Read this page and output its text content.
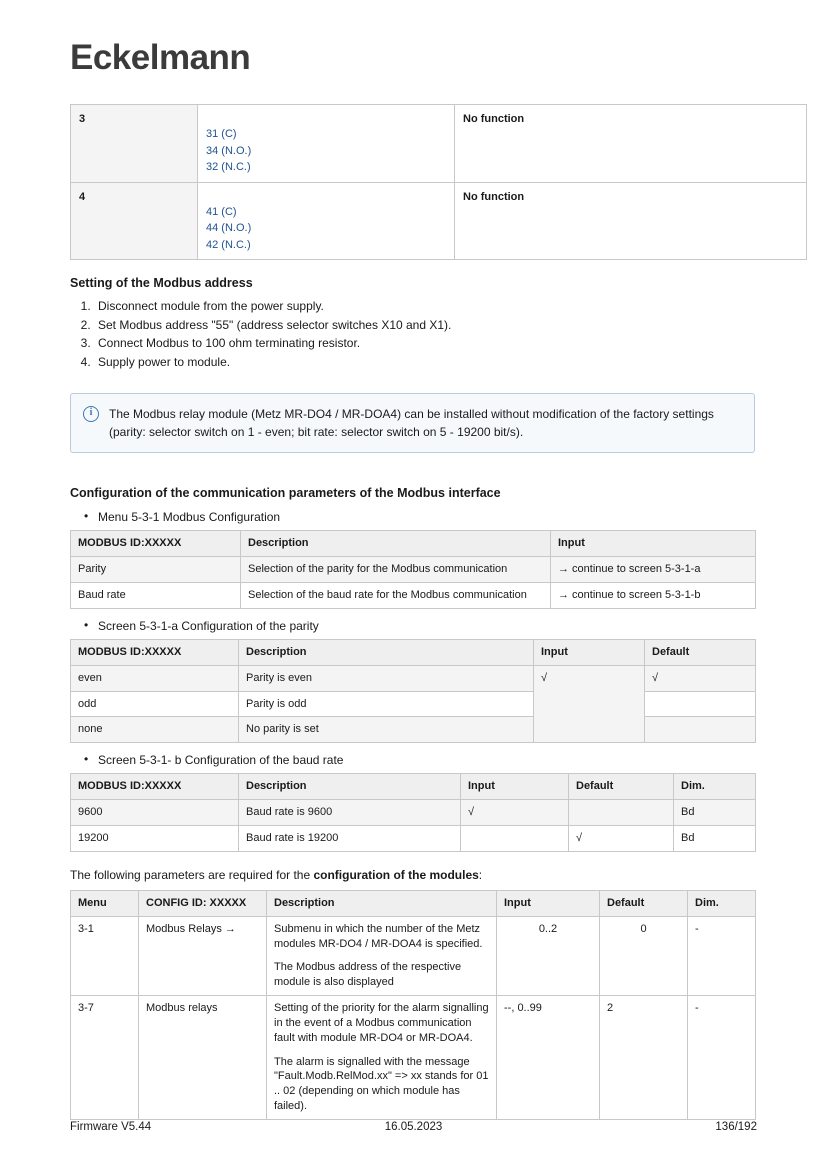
Eckelmann
3	31 (C)
34 (N.O.)
32 (N.C.)	No function

4	41 (C)
44 (N.O.)
42 (N.C.)	No function
Setting of the Modbus address
1. Disconnect module from the power supply.
2. Set Modbus address "55" (address selector switches X10 and X1).
3. Connect Modbus to 100 ohm terminating resistor.
4. Supply power to module.
i	The Modbus relay module (Metz MR-DO4 / MR-DOA4) can be installed without modification of the factory settings (parity: selector switch on 1 - even; bit rate: selector switch on 5 - 19200 bit/s).
Configuration of the communication parameters of the Modbus interface
• Menu 5-3-1 Modbus Configuration
MODBUS ID:XXXXX	Description	Input
Parity	Selection of the parity for the Modbus communication	→ continue to screen 5-3-1-a
Baud rate	Selection of the baud rate for the Modbus communication	→ continue to screen 5-3-1-b
• Screen 5-3-1-a Configuration of the parity
MODBUS ID:XXXXX	Description	Input	Default
even	Parity is even	√	√
odd	Parity is odd		
none	No parity is set		
• Screen 5-3-1- b Configuration of the baud rate
MODBUS ID:XXXXX	Description	Input	Default	Dim.
9600	Baud rate is 9600	√		Bd
19200	Baud rate is 19200		√	Bd
The following parameters are required for the configuration of the modules:
Menu	CONFIG ID: XXXXX	Description	Input	Default	Dim.
3-1	Modbus Relays →	Submenu in which the number of the Metz modules MR-DO4 / MR-DOA4 is specified.
The Modbus address of the respective module is also displayed	0..2	0	-
3-7	Modbus relays	Setting of the priority for the alarm signalling in the event of a Modbus communication fault with module MR-DO4 or MR-DOA4.
The alarm is signalled with the message "Fault.Modb.RelMod.xx" => xx stands for 01 .. 02 (depending on which module has failed).	--, 0..99	2	-
Firmware V5.44	16.05.2023	136/192
